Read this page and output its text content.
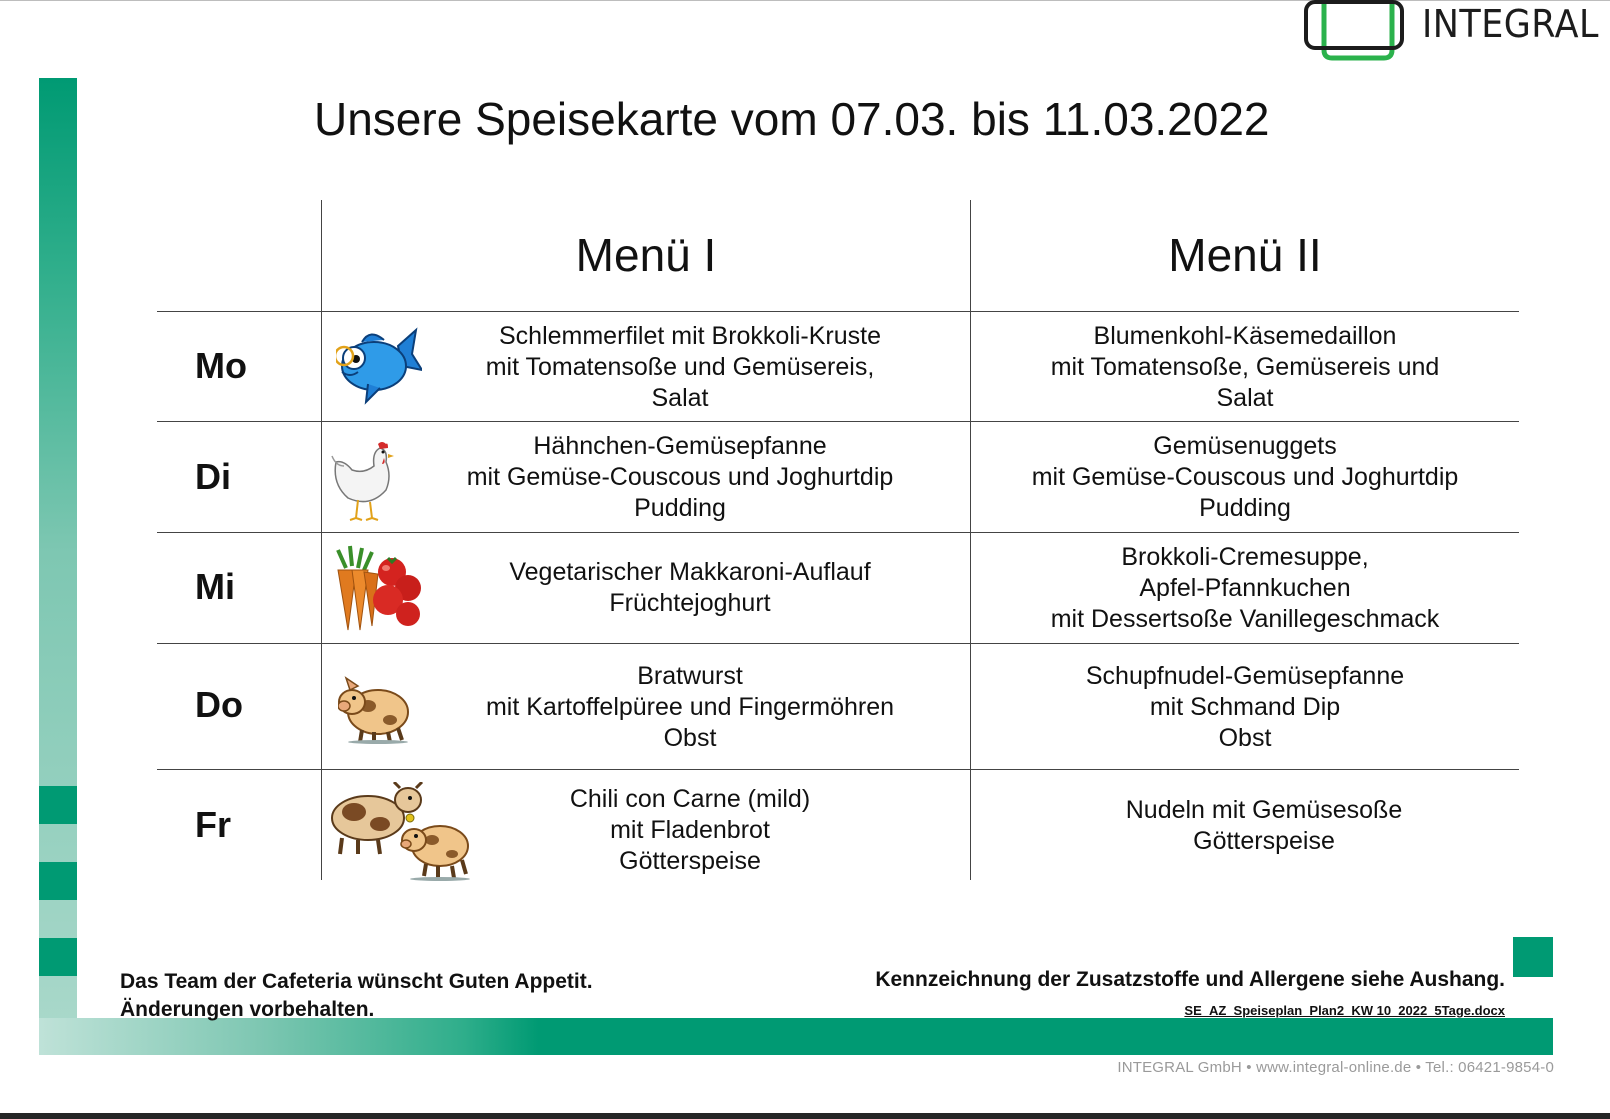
INTEGRAL
Unsere Speisekarte vom 07.03. bis 11.03.2022
Menü I	Menü II
Mo
Di
Mi
Do
Fr
Schlemmerfilet mit Brokkoli-Kruste
mit Tomatensoße und Gemüsereis,
Salat
Hähnchen-Gemüsepfanne
mit Gemüse-Couscous und Joghurtdip
Pudding
Vegetarischer Makkaroni-Auflauf
Früchtejoghurt
Bratwurst
mit Kartoffelpüree und Fingermöhren
Obst
Chili con Carne (mild)
mit Fladenbrot
Götterspeise
Blumenkohl-Käsemedaillon
mit Tomatensoße, Gemüsereis und
Salat
Gemüsenuggets
mit Gemüse-Couscous und Joghurtdip
Pudding
Brokkoli-Cremesuppe,
Apfel-Pfannkuchen
mit Dessertsoße Vanillegeschmack
Schupfnudel-Gemüsepfanne
mit Schmand Dip
Obst
Nudeln mit Gemüsesoße
Götterspeise
Das Team der Cafeteria wünscht Guten Appetit.
Änderungen vorbehalten.
Kennzeichnung der Zusatzstoffe und Allergene siehe Aushang.
SE_AZ_Speiseplan_Plan2_KW 10_2022_5Tage.docx
INTEGRAL GmbH • www.integral-online.de • Tel.: 06421-9854-0
